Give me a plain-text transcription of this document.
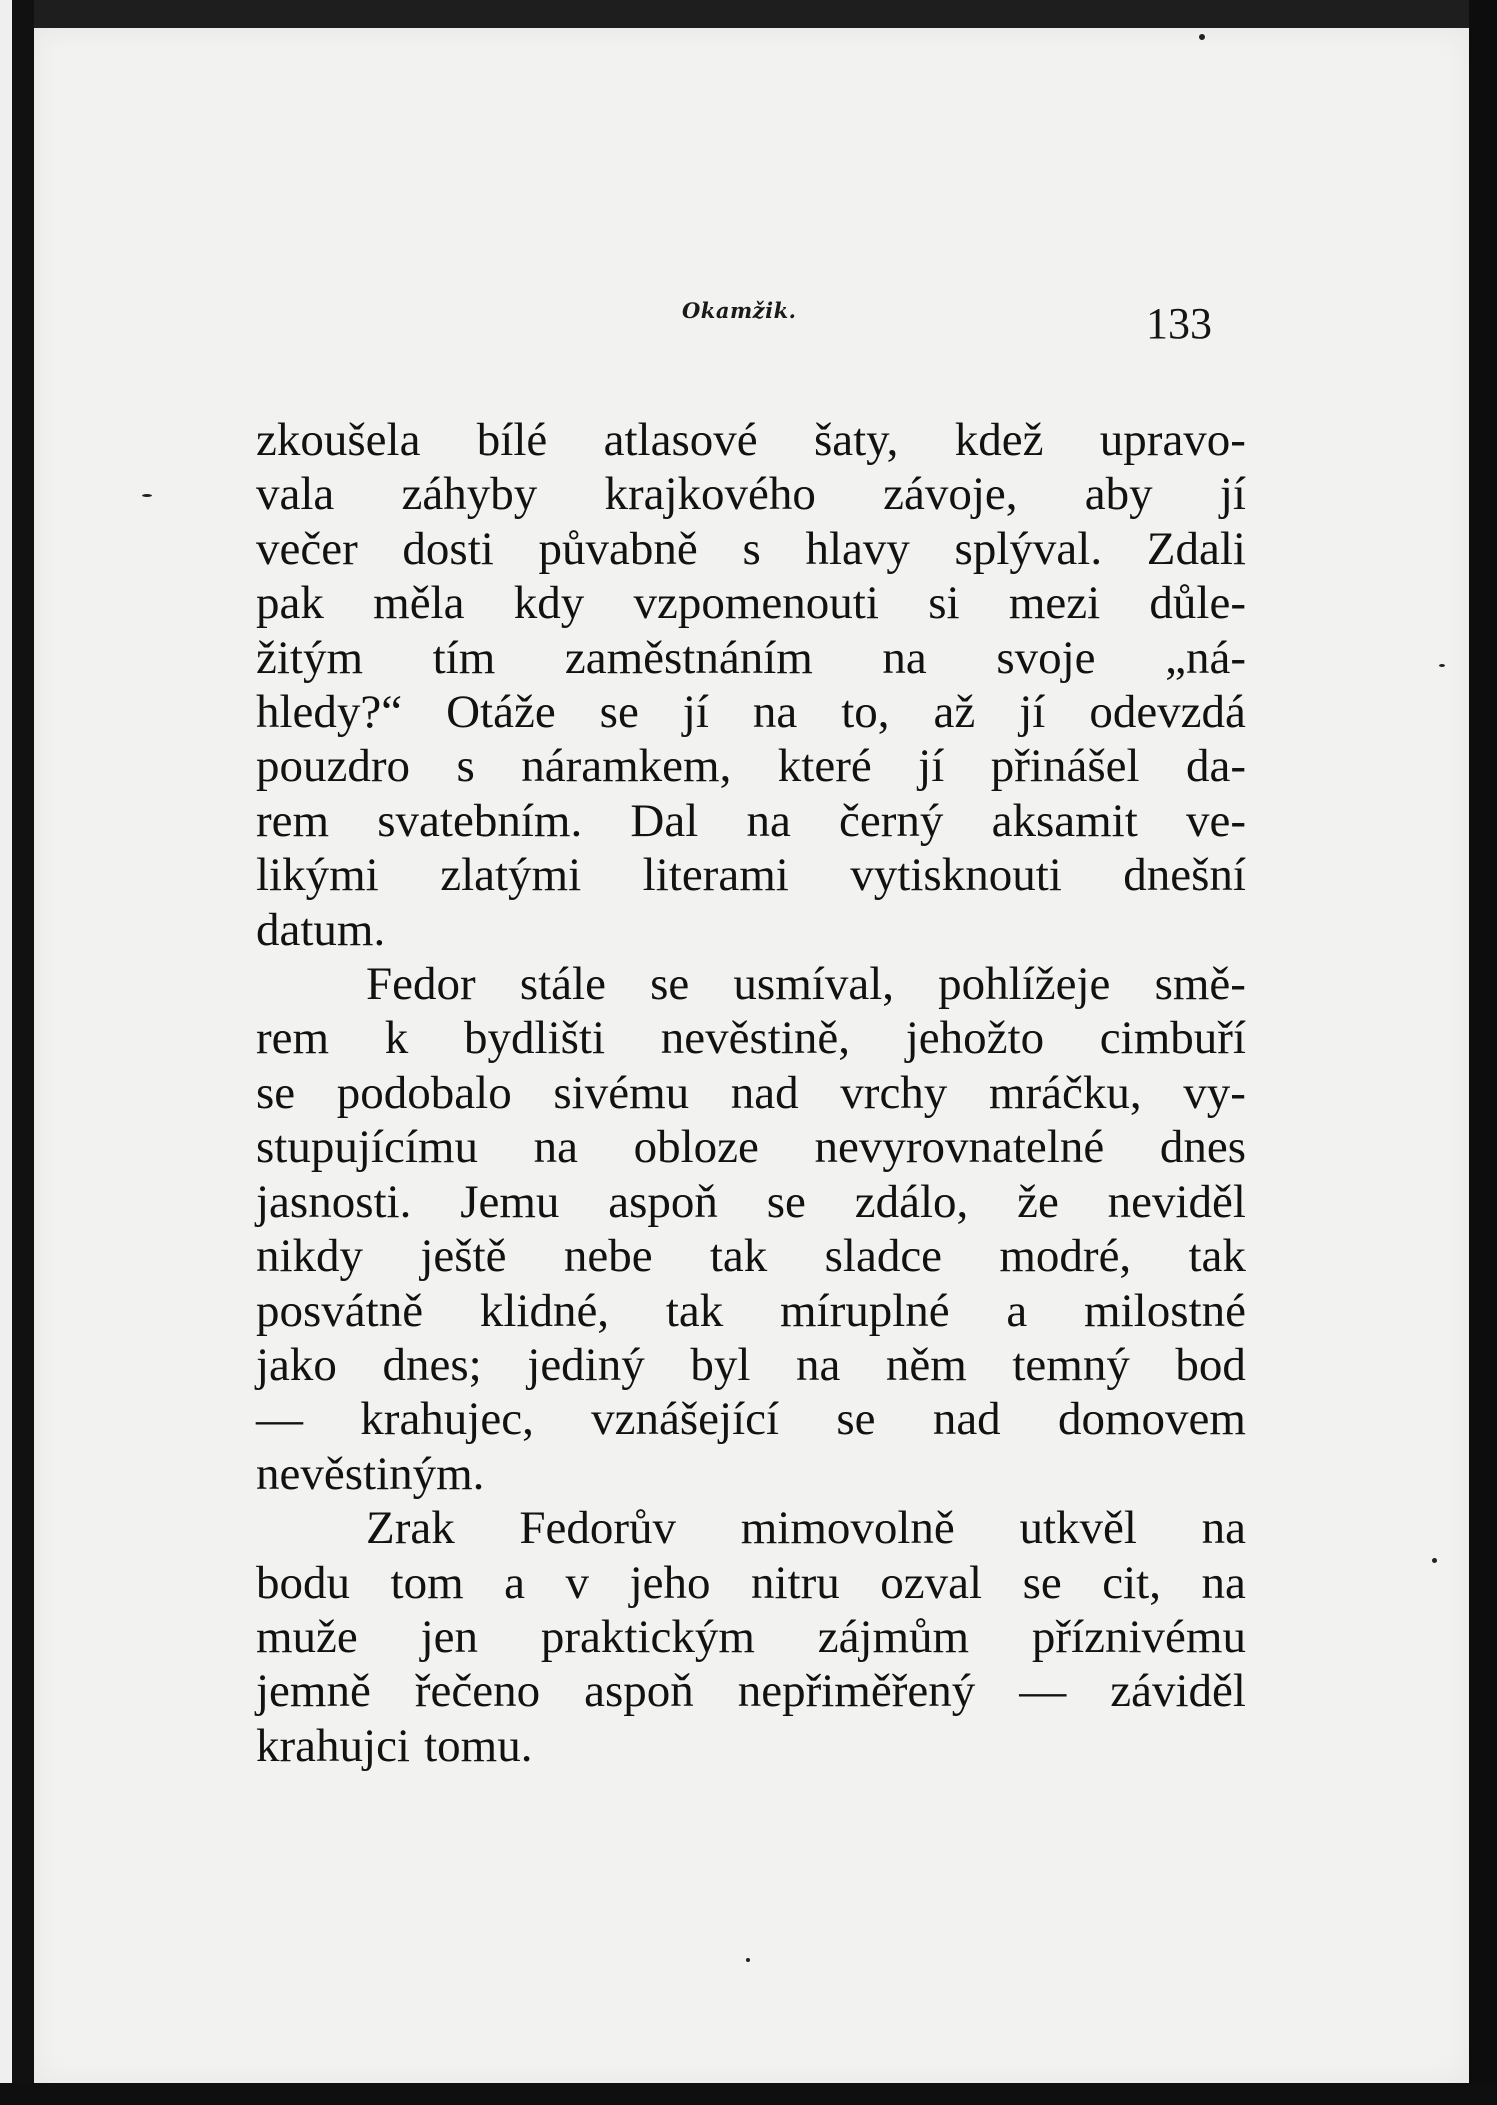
Okamžik.	133
zkoušela bílé atlasové šaty, kdež upravo-
vala záhyby krajkového závoje, aby jí
večer dosti půvabně s hlavy splýval. Zdali
pak měla kdy vzpomenouti si mezi důle-
žitým tím zaměstnáním na svoje „ná-
hledy?“ Otáže se jí na to, až jí odevzdá
pouzdro s náramkem, které jí přinášel da-
rem svatebním. Dal na černý aksamit ve-
likými zlatými literami vytisknouti dnešní
datum.
Fedor stále se usmíval, pohlížeje smě-
rem k bydlišti nevěstině, jehožto cimbuří
se podobalo sivému nad vrchy mráčku, vy-
stupujícímu na obloze nevyrovnatelné dnes
jasnosti. Jemu aspoň se zdálo, že neviděl
nikdy ještě nebe tak sladce modré, tak
posvátně klidné, tak míruplné a milostné
jako dnes; jediný byl na něm temný bod
— krahujec, vznášející se nad domovem
nevěstiným.
Zrak Fedorův mimovolně utkvěl na
bodu tom a v jeho nitru ozval se cit, na
muže jen praktickým zájmům příznivému
jemně řečeno aspoň nepřiměřený — záviděl
krahujci tomu.
